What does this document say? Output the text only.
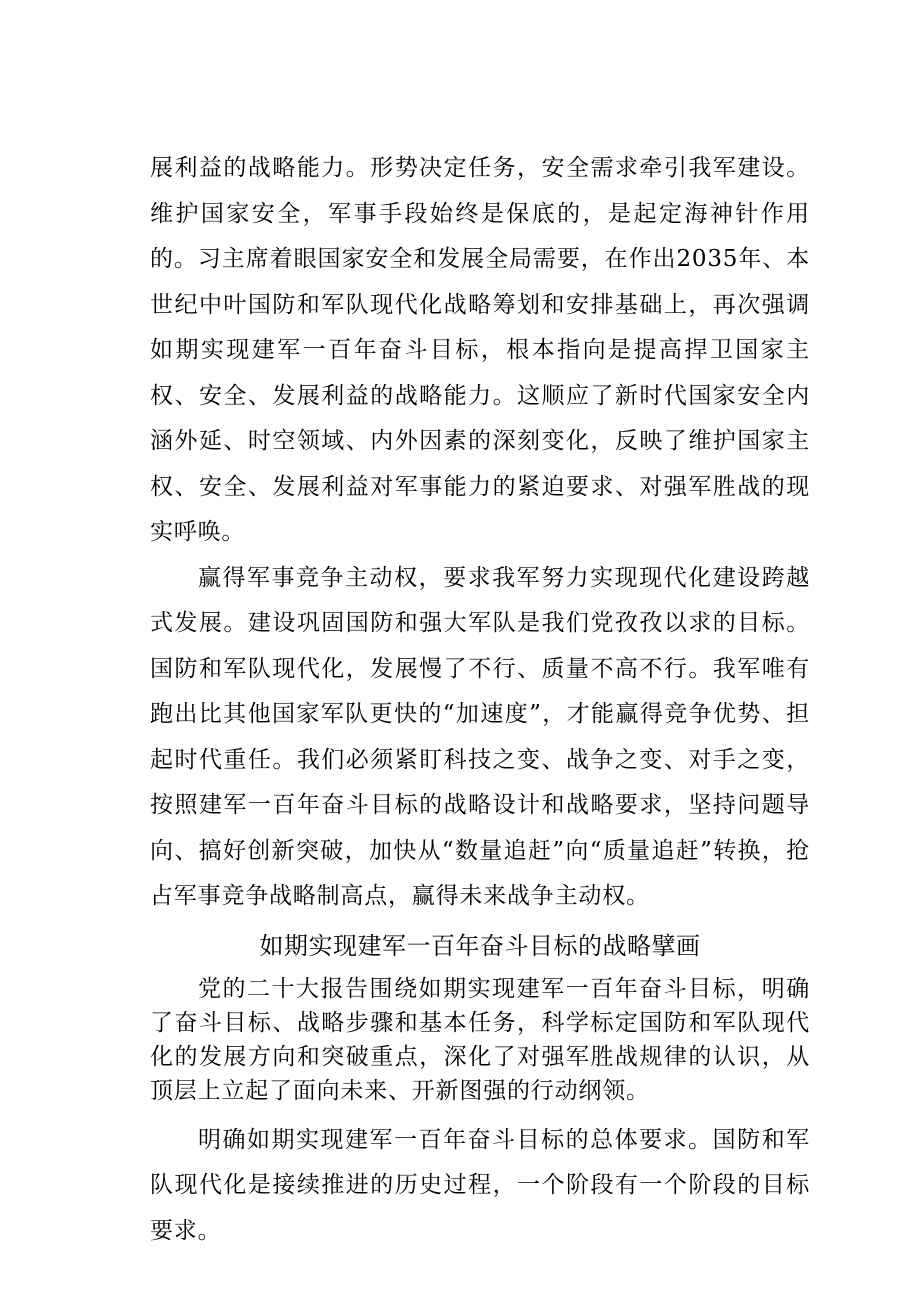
展利益的战略能力。形势决定任务，安全需求牵引我军建设。维护国家安全，军事手段始终是保底的，是起定海神针作用的。习主席着眼国家安全和发展全局需要，在作出2035年、本世纪中叶国防和军队现代化战略筹划和安排基础上，再次强调如期实现建军一百年奋斗目标，根本指向是提高捍卫国家主权、安全、发展利益的战略能力。这顺应了新时代国家安全内涵外延、时空领域、内外因素的深刻变化，反映了维护国家主权、安全、发展利益对军事能力的紧迫要求、对强军胜战的现实呼唤。

赢得军事竞争主动权，要求我军努力实现现代化建设跨越式发展。建设巩固国防和强大军队是我们党孜孜以求的目标。国防和军队现代化，发展慢了不行、质量不高不行。我军唯有跑出比其他国家军队更快的“加速度”，才能赢得竞争优势、担起时代重任。我们必须紧盯科技之变、战争之变、对手之变，按照建军一百年奋斗目标的战略设计和战略要求，坚持问题导向、搞好创新突破，加快从“数量追赶”向“质量追赶”转换，抢占军事竞争战略制高点，赢得未来战争主动权。

如期实现建军一百年奋斗目标的战略擘画

党的二十大报告围绕如期实现建军一百年奋斗目标，明确了奋斗目标、战略步骤和基本任务，科学标定国防和军队现代化的发展方向和突破重点，深化了对强军胜战规律的认识，从顶层上立起了面向未来、开新图强的行动纲领。

明确如期实现建军一百年奋斗目标的总体要求。国防和军队现代化是接续推进的历史过程，一个阶段有一个阶段的目标要求。
